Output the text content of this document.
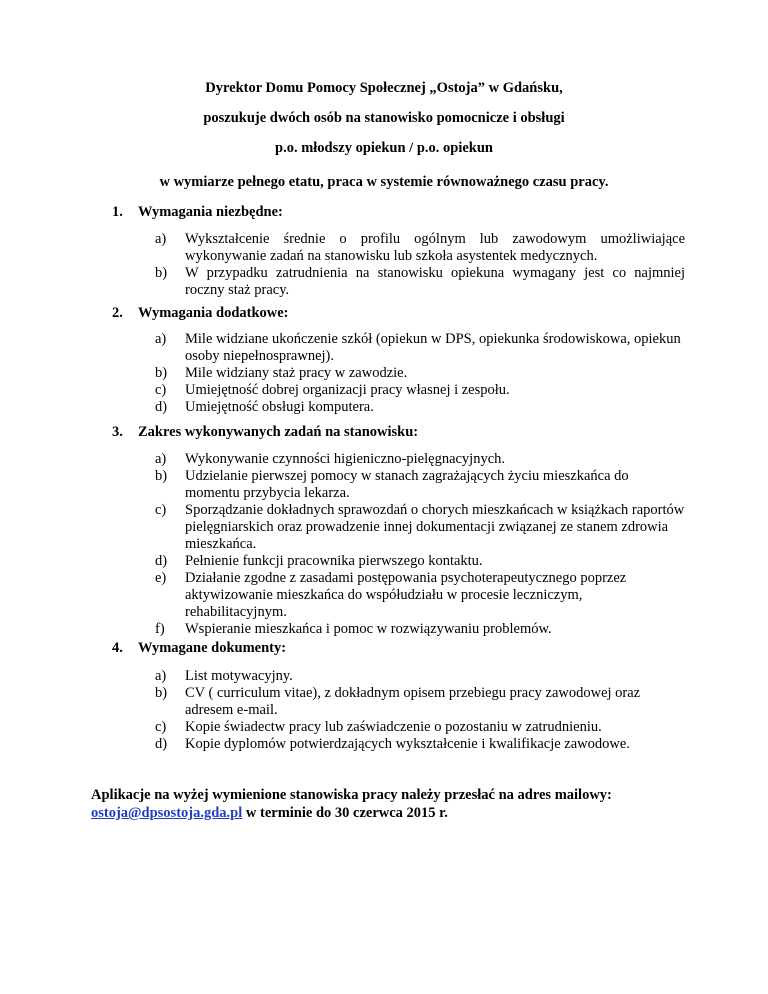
Dyrektor Domu Pomocy Społecznej „Ostoja” w Gdańsku,
poszukuje dwóch osób na stanowisko pomocnicze i obsługi
p.o. młodszy opiekun / p.o. opiekun
w wymiarze pełnego etatu, praca w systemie równoważnego czasu pracy.
1. Wymagania niezbędne:
a) Wykształcenie średnie o profilu ogólnym lub zawodowym umożliwiające wykonywanie zadań na stanowisku lub szkoła asystentek medycznych.
b) W przypadku zatrudnienia na stanowisku opiekuna wymagany jest co najmniej roczny staż pracy.
2. Wymagania dodatkowe:
a) Mile widziane ukończenie szkół (opiekun w DPS, opiekunka środowiskowa, opiekun osoby niepełnosprawnej).
b) Mile widziany staż pracy w zawodzie.
c) Umiejętność dobrej organizacji pracy własnej i zespołu.
d) Umiejętność obsługi komputera.
3. Zakres wykonywanych zadań na stanowisku:
a) Wykonywanie czynności higieniczno-pielęgnacyjnych.
b) Udzielanie pierwszej pomocy w stanach zagrażających życiu mieszkańca do momentu przybycia lekarza.
c) Sporządzanie dokładnych sprawozdań o chorych mieszkańcach w książkach raportów pielęgniarskich oraz prowadzenie innej dokumentacji związanej ze stanem zdrowia mieszkańca.
d) Pełnienie funkcji pracownika pierwszego kontaktu.
e) Działanie zgodne z zasadami postępowania psychoterapeutycznego poprzez aktywizowanie mieszkańca do współudziału w procesie leczniczym, rehabilitacyjnym.
f) Wspieranie mieszkańca i pomoc w rozwiązywaniu problemów.
4. Wymagane dokumenty:
a) List motywacyjny.
b) CV ( curriculum vitae), z dokładnym opisem przebiegu pracy zawodowej oraz adresem e-mail.
c) Kopie świadectw pracy lub zaświadczenie o pozostaniu w zatrudnieniu.
d) Kopie dyplomów potwierdzających wykształcenie i kwalifikacje zawodowe.
Aplikacje na wyżej wymienione stanowiska pracy należy przesłać na adres mailowy:
ostoja@dpsostoja.gda.pl w terminie do 30 czerwca 2015 r.
